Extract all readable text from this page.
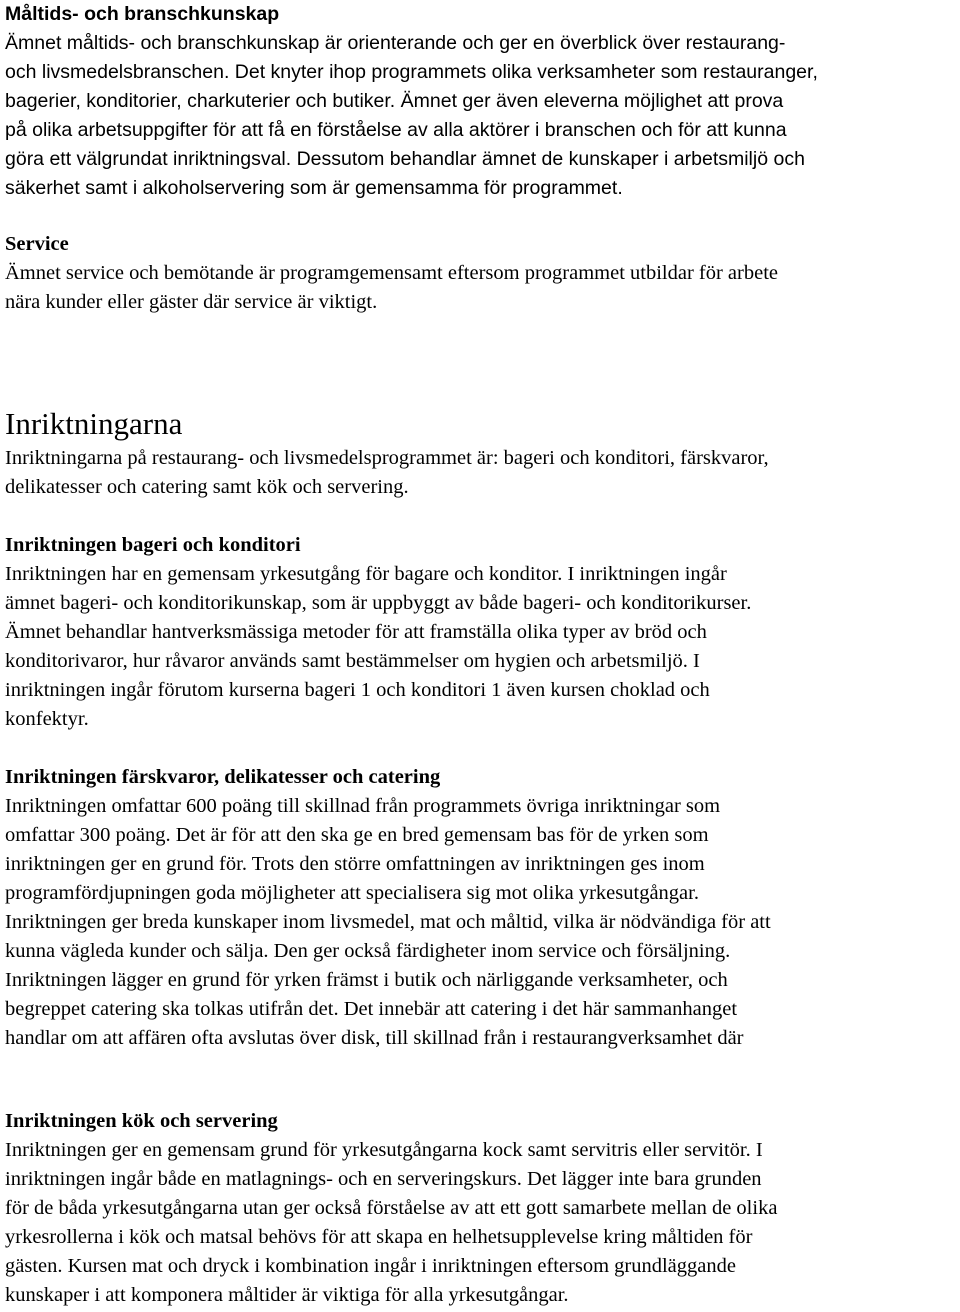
Måltids- och branschkunskap

Ämnet måltids- och branschkunskap är orienterande och ger en överblick över restaurang-

och livsmedelsbranschen. Det knyter ihop programmets olika verksamheter som restauranger,

bagerier, konditorier, charkuterier och butiker. Ämnet ger även eleverna möjlighet att prova

på olika arbetsuppgifter för att få en förståelse av alla aktörer i branschen och för att kunna

göra ett välgrundat inriktningsval. Dessutom behandlar ämnet de kunskaper i arbetsmiljö och

säkerhet samt i alkoholservering som är gemensamma för programmet.

Service

Ämnet service och bemötande är programgemensamt eftersom programmet utbildar för arbete

nära kunder eller gäster där service är viktigt.

Inriktningarna

Inriktningarna på restaurang- och livsmedelsprogrammet är: bageri och konditori, färskvaror,

delikatesser och catering samt kök och servering.

Inriktningen bageri och konditori

Inriktningen har en gemensam yrkesutgång för bagare och konditor. I inriktningen ingår

ämnet bageri- och konditorikunskap, som är uppbyggt av både bageri- och konditorikurser.

Ämnet behandlar hantverksmässiga metoder för att framställa olika typer av bröd och

konditorivaror, hur råvaror används samt bestämmelser om hygien och arbetsmiljö. I

inriktningen ingår förutom kurserna bageri 1 och konditori 1 även kursen choklad och

konfektyr.

Inriktningen färskvaror, delikatesser och catering

Inriktningen omfattar 600 poäng till skillnad från programmets övriga inriktningar som

omfattar 300 poäng. Det är för att den ska ge en bred gemensam bas för de yrken som

inriktningen ger en grund för. Trots den större omfattningen av inriktningen ges inom

programfördjupningen goda möjligheter att specialisera sig mot olika yrkesutgångar.

Inriktningen ger breda kunskaper inom livsmedel, mat och måltid, vilka är nödvändiga för att

kunna vägleda kunder och sälja. Den ger också färdigheter inom service och försäljning.

Inriktningen lägger en grund för yrken främst i butik och närliggande verksamheter, och

begreppet catering ska tolkas utifrån det. Det innebär att catering i det här sammanhanget

handlar om att affären ofta avslutas över disk, till skillnad från i restaurangverksamhet där

Inriktningen kök och servering

Inriktningen ger en gemensam grund för yrkesutgångarna kock samt servitris eller servitör. I

inriktningen ingår både en matlagnings- och en serveringskurs. Det lägger inte bara grunden

för de båda yrkesutgångarna utan ger också förståelse av att ett gott samarbete mellan de olika

yrkesrollerna i kök och matsal behövs för att skapa en helhetsupplevelse kring måltiden för

gästen. Kursen mat och dryck i kombination ingår i inriktningen eftersom grundläggande

kunskaper i att komponera måltider är viktiga för alla yrkesutgångar.
